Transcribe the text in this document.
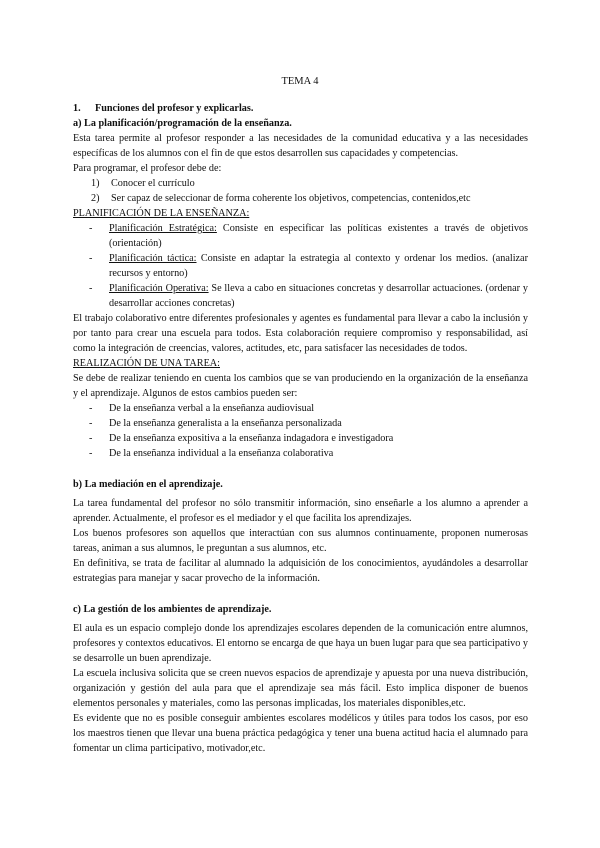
TEMA 4
1.	Funciones del profesor y explicarlas.
a) La planificación/programación de la enseñanza.
Esta tarea permite al profesor responder a las necesidades de la comunidad educativa y a las necesidades específicas de los alumnos con el fin de que estos desarrollen sus capacidades y competencias.
Para programar, el profesor debe de:
1)	Conocer el currículo
2)	Ser capaz de seleccionar de forma coherente los objetivos, competencias, contenidos,etc
PLANIFICACIÓN DE LA ENSEÑANZA:
-	Planificación Estratégica: Consiste en especificar las políticas existentes a través de objetivos (orientación)
-	Planificación táctica: Consiste en adaptar la estrategia al contexto y ordenar los medios. (analizar recursos y entorno)
-	Planificación Operativa: Se lleva a cabo en situaciones concretas y desarrollar actuaciones. (ordenar y desarrollar acciones concretas)
El trabajo colaborativo entre diferentes profesionales y agentes es fundamental para llevar a cabo la inclusión y por tanto para crear una escuela para todos. Esta colaboración requiere compromiso y responsabilidad, así como la integración de creencias, valores, actitudes, etc, para satisfacer las necesidades de todos.
REALIZACIÓN DE UNA TAREA:
Se debe de realizar teniendo en cuenta los cambios que se van produciendo en la organización de la enseñanza y el aprendizaje. Algunos de estos cambios pueden ser:
-	De la enseñanza verbal a la enseñanza audiovisual
-	De la enseñanza generalista a la enseñanza personalizada
-	De la enseñanza expositiva a la enseñanza indagadora e investigadora
-	De la enseñanza individual a la enseñanza colaborativa
b) La mediación en el aprendizaje.
La tarea fundamental del profesor no sólo transmitir información, sino enseñarle a los alumno a aprender a aprender. Actualmente, el profesor es el mediador y el que facilita los aprendizajes.
Los buenos profesores son aquellos que interactúan con sus alumnos continuamente, proponen numerosas tareas, animan a sus alumnos, le preguntan a sus alumnos, etc.
En definitiva, se trata de facilitar al alumnado la adquisición de los conocimientos, ayudándoles a desarrollar estrategias para manejar y sacar provecho de la información.
c) La gestión de los ambientes de aprendizaje.
El aula es un espacio complejo donde los aprendizajes escolares dependen de la comunicación entre alumnos, profesores y contextos educativos. El entorno se encarga de que haya un buen lugar para que sea participativo y se desarrolle un buen aprendizaje.
La escuela inclusiva solicita que se creen nuevos espacios de aprendizaje y apuesta por una nueva distribución, organización y gestión del aula para que el aprendizaje sea más fácil. Esto implica disponer de buenos elementos personales y materiales, como las personas implicadas, los materiales disponibles,etc.
Es evidente que no es posible conseguir ambientes escolares modélicos y útiles para todos los casos, por eso los maestros tienen que llevar una buena práctica pedagógica y tener una buena actitud hacia el alumnado para fomentar un clima participativo, motivador,etc.
